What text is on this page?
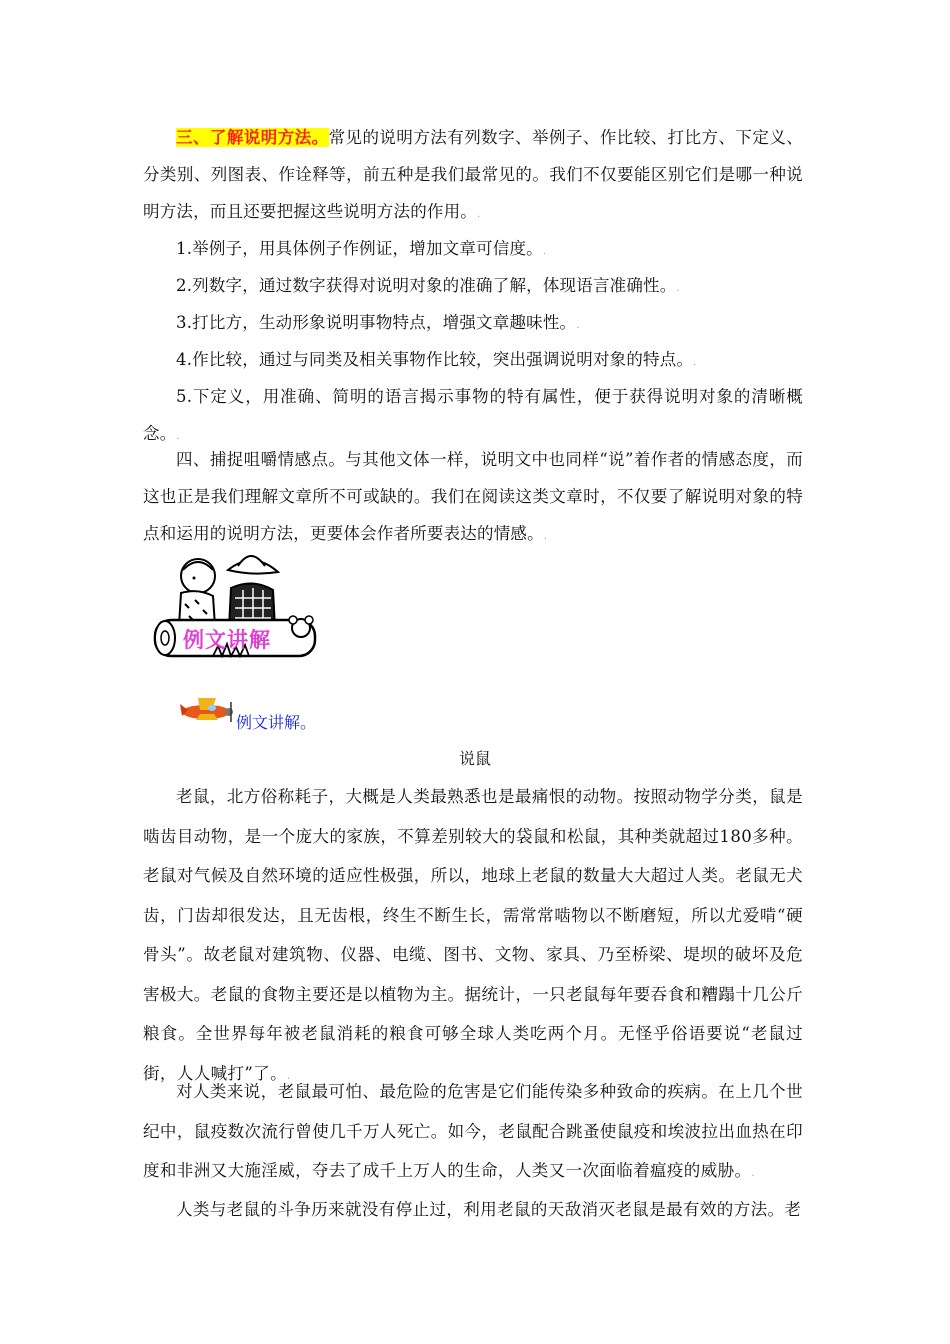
三、了解说明方法。常见的说明方法有列数字、举例子、作比较、打比方、下定义、分类别、列图表、作诠释等，前五种是我们最常见的。我们不仅要能区别它们是哪一种说明方法，而且还要把握这些说明方法的作用。.

1.举例子，用具体例子作例证，增加文章可信度。.

2.列数字，通过数字获得对说明对象的准确了解，体现语言准确性。.

3.打比方，生动形象说明事物特点，增强文章趣味性。.

4.作比较，通过与同类及相关事物作比较，突出强调说明对象的特点。.

5.下定义，用准确、简明的语言揭示事物的特有属性，便于获得说明对象的清晰概念。.

四、捕捉咀嚼情感点。与其他文体一样，说明文中也同样“说”着作者的情感态度，而这也正是我们理解文章所不可或缺的。我们在阅读这类文章时，不仅要了解说明对象的特点和运用的说明方法，更要体会作者所要表达的情感。.

例文讲解
例文讲解。
说鼠

老鼠，北方俗称耗子，大概是人类最熟悉也是最痛恨的动物。按照动物学分类，鼠是啮齿目动物，是一个庞大的家族，不算差别较大的袋鼠和松鼠，其种类就超过180多种。老鼠对气候及自然环境的适应性极强，所以，地球上老鼠的数量大大超过人类。老鼠无犬齿，门齿却很发达，且无齿根，终生不断生长，需常常啮物以不断磨短，所以尤爱啃“硬骨头”。故老鼠对建筑物、仪器、电缆、图书、文物、家具、乃至桥梁、堤坝的破坏及危害极大。老鼠的食物主要还是以植物为主。据统计，一只老鼠每年要吞食和糟蹋十几公斤粮食。全世界每年被老鼠消耗的粮食可够全球人类吃两个月。无怪乎俗语要说“老鼠过街，人人喊打”了。.

对人类来说，老鼠最可怕、最危险的危害是它们能传染多种致命的疾病。在上几个世纪中，鼠疫数次流行曾使几千万人死亡。如今，老鼠配合跳蚤使鼠疫和埃波拉出血热在印度和非洲又大施淫威，夺去了成千上万人的生命，人类又一次面临着瘟疫的威胁。.

人类与老鼠的斗争历来就没有停止过，利用老鼠的天敌消灭老鼠是最有效的方法。老
